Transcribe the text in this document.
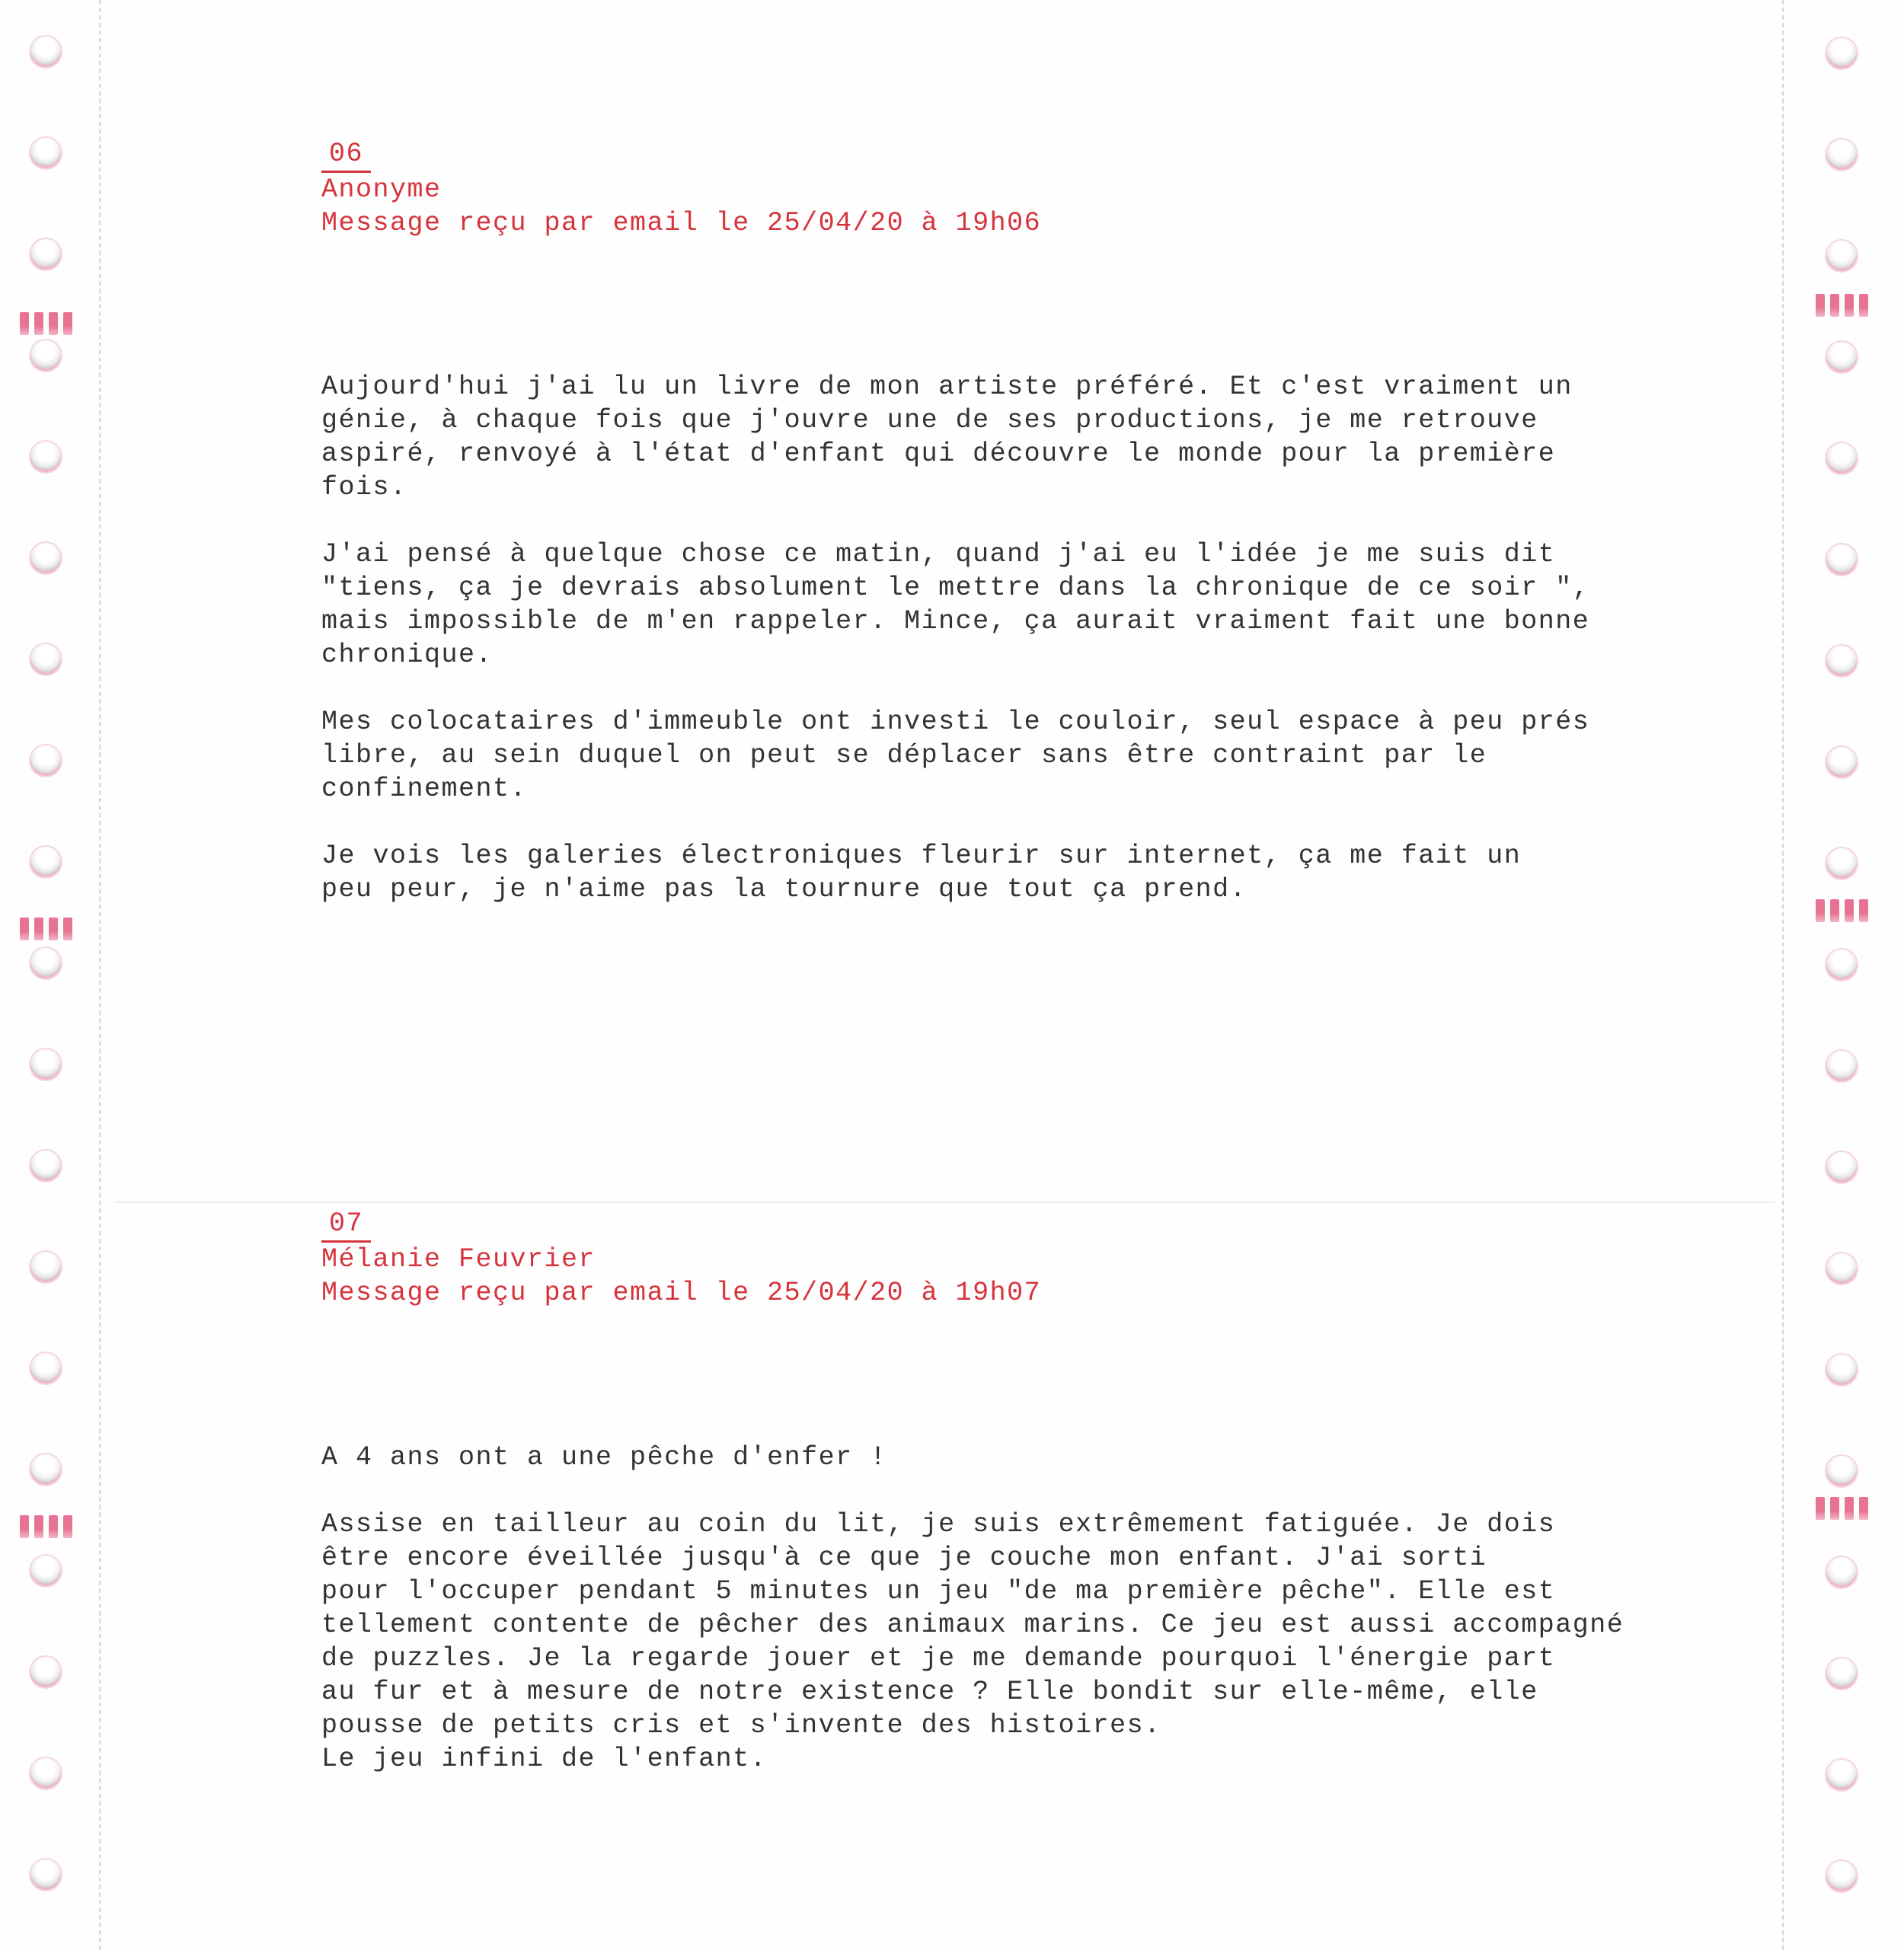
06
Anonyme
Message reçu par email le 25/04/20 à 19h06
Aujourd'hui j'ai lu un livre de mon artiste préféré. Et c'est vraiment un
génie, à chaque fois que j'ouvre une de ses productions, je me retrouve
aspiré, renvoyé à l'état d'enfant qui découvre le monde pour la première
fois.
J'ai pensé à quelque chose ce matin, quand j'ai eu l'idée je me suis dit
"tiens, ça je devrais absolument le mettre dans la chronique de ce soir ",
mais impossible de m'en rappeler. Mince, ça aurait vraiment fait une bonne
chronique.
Mes colocataires d'immeuble ont investi le couloir, seul espace à peu prés
libre, au sein duquel on peut se déplacer sans être contraint par le
confinement.
Je vois les galeries électroniques fleurir sur internet, ça me fait un
peu peur, je n'aime pas la tournure que tout ça prend.
07
Mélanie Feuvrier
Message reçu par email le 25/04/20 à 19h07
A 4 ans ont a une pêche d'enfer !
Assise en tailleur au coin du lit, je suis extrêmement fatiguée. Je dois
être encore éveillée jusqu'à ce que je couche mon enfant. J'ai sorti
pour l'occuper pendant 5 minutes un jeu "de ma première pêche". Elle est
tellement contente de pêcher des animaux marins. Ce jeu est aussi accompagné
de puzzles. Je la regarde jouer et je me demande pourquoi l'énergie part
au fur et à mesure de notre existence ? Elle bondit sur elle-même, elle
pousse de petits cris et s'invente des histoires.
Le jeu infini de l'enfant.
